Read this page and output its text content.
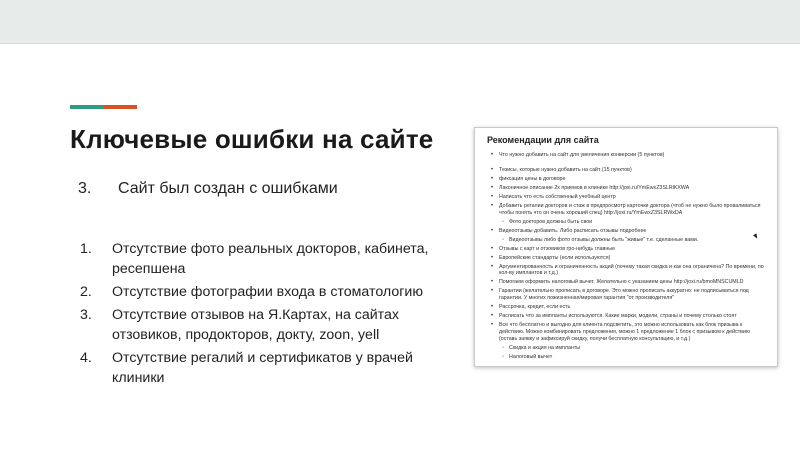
Ключевые ошибки на сайте
3. Сайт был создан с ошибками
1.	Отсутствие фото реальных докторов, кабинета, ресепшена
2.	Отсутствие фотографии входа в стоматологию
3.	Отсутствие отзывов на Я.Картах, на сайтах отзовиков, продокторов, докту, zoon, yell
4.	Отсутствие регалий и сертификатов у врачей клиники
Рекомендации для сайта
• Что нужно добавить на сайт для увеличения конверсии (5 пунктов)
• Тезисы, которые нужно добавить на сайт (15 пунктов)
• фиксация цены в договоре
• Лаконичное описание 2х приемов в клинике http://joxi.ru/YmEwxZ3SLRlKXWA
• Написать что есть собственный учебный центр
• Добавить регалии докторов и стаж в предпросмотр карточки доктора (чтоб не нужно было проваливаться чтобы понять что он очень хороший спец) http://joxi.ru/YmEwxZ3SLRWxDA
◦ Фото докторов должны быть свои
• Видеоотзывы добавить. Либо расписать отзывы подробнее
◦ Видеоотзывы либо фото отзывы должны быть "живые" т.е. сделанные вами.
• Отзывы с карт и отзовиков гро-нибудь главные
• Европейские стандарты (если используются)
• Аргументированность и ограниченность акций (почему такая скидка и как она ограничена? По времени, по кол-ву имплантов и т.д.)
• Помогаем оформить налоговый вычет. Желательно с указанием цены http://joxi.ru/bmoMNSCUMLD
• Гарантии (желательно прописать в договоре. Это можно прописать аккуратно: не подписываться под гарантии. У многих пожизненная/мировая гарантия "от производителя"
• Рассрочка, кредит, если есть
• Расписать что за импланты используются. Какие марки, модели, страны и почему столько стоят
• Все что бесплатно и выгодно для клиента подсветить, это можно использовать как блок призыва к действию. Можно комбинировать предложения, можно 1 предложение 1 блок с призывом к действию (оставь заявку и зафиксируй скидку, получи бесплатную консультацию, и т.д.)
◦ Скидка и акция на импланты
◦ Налоговый вычет
